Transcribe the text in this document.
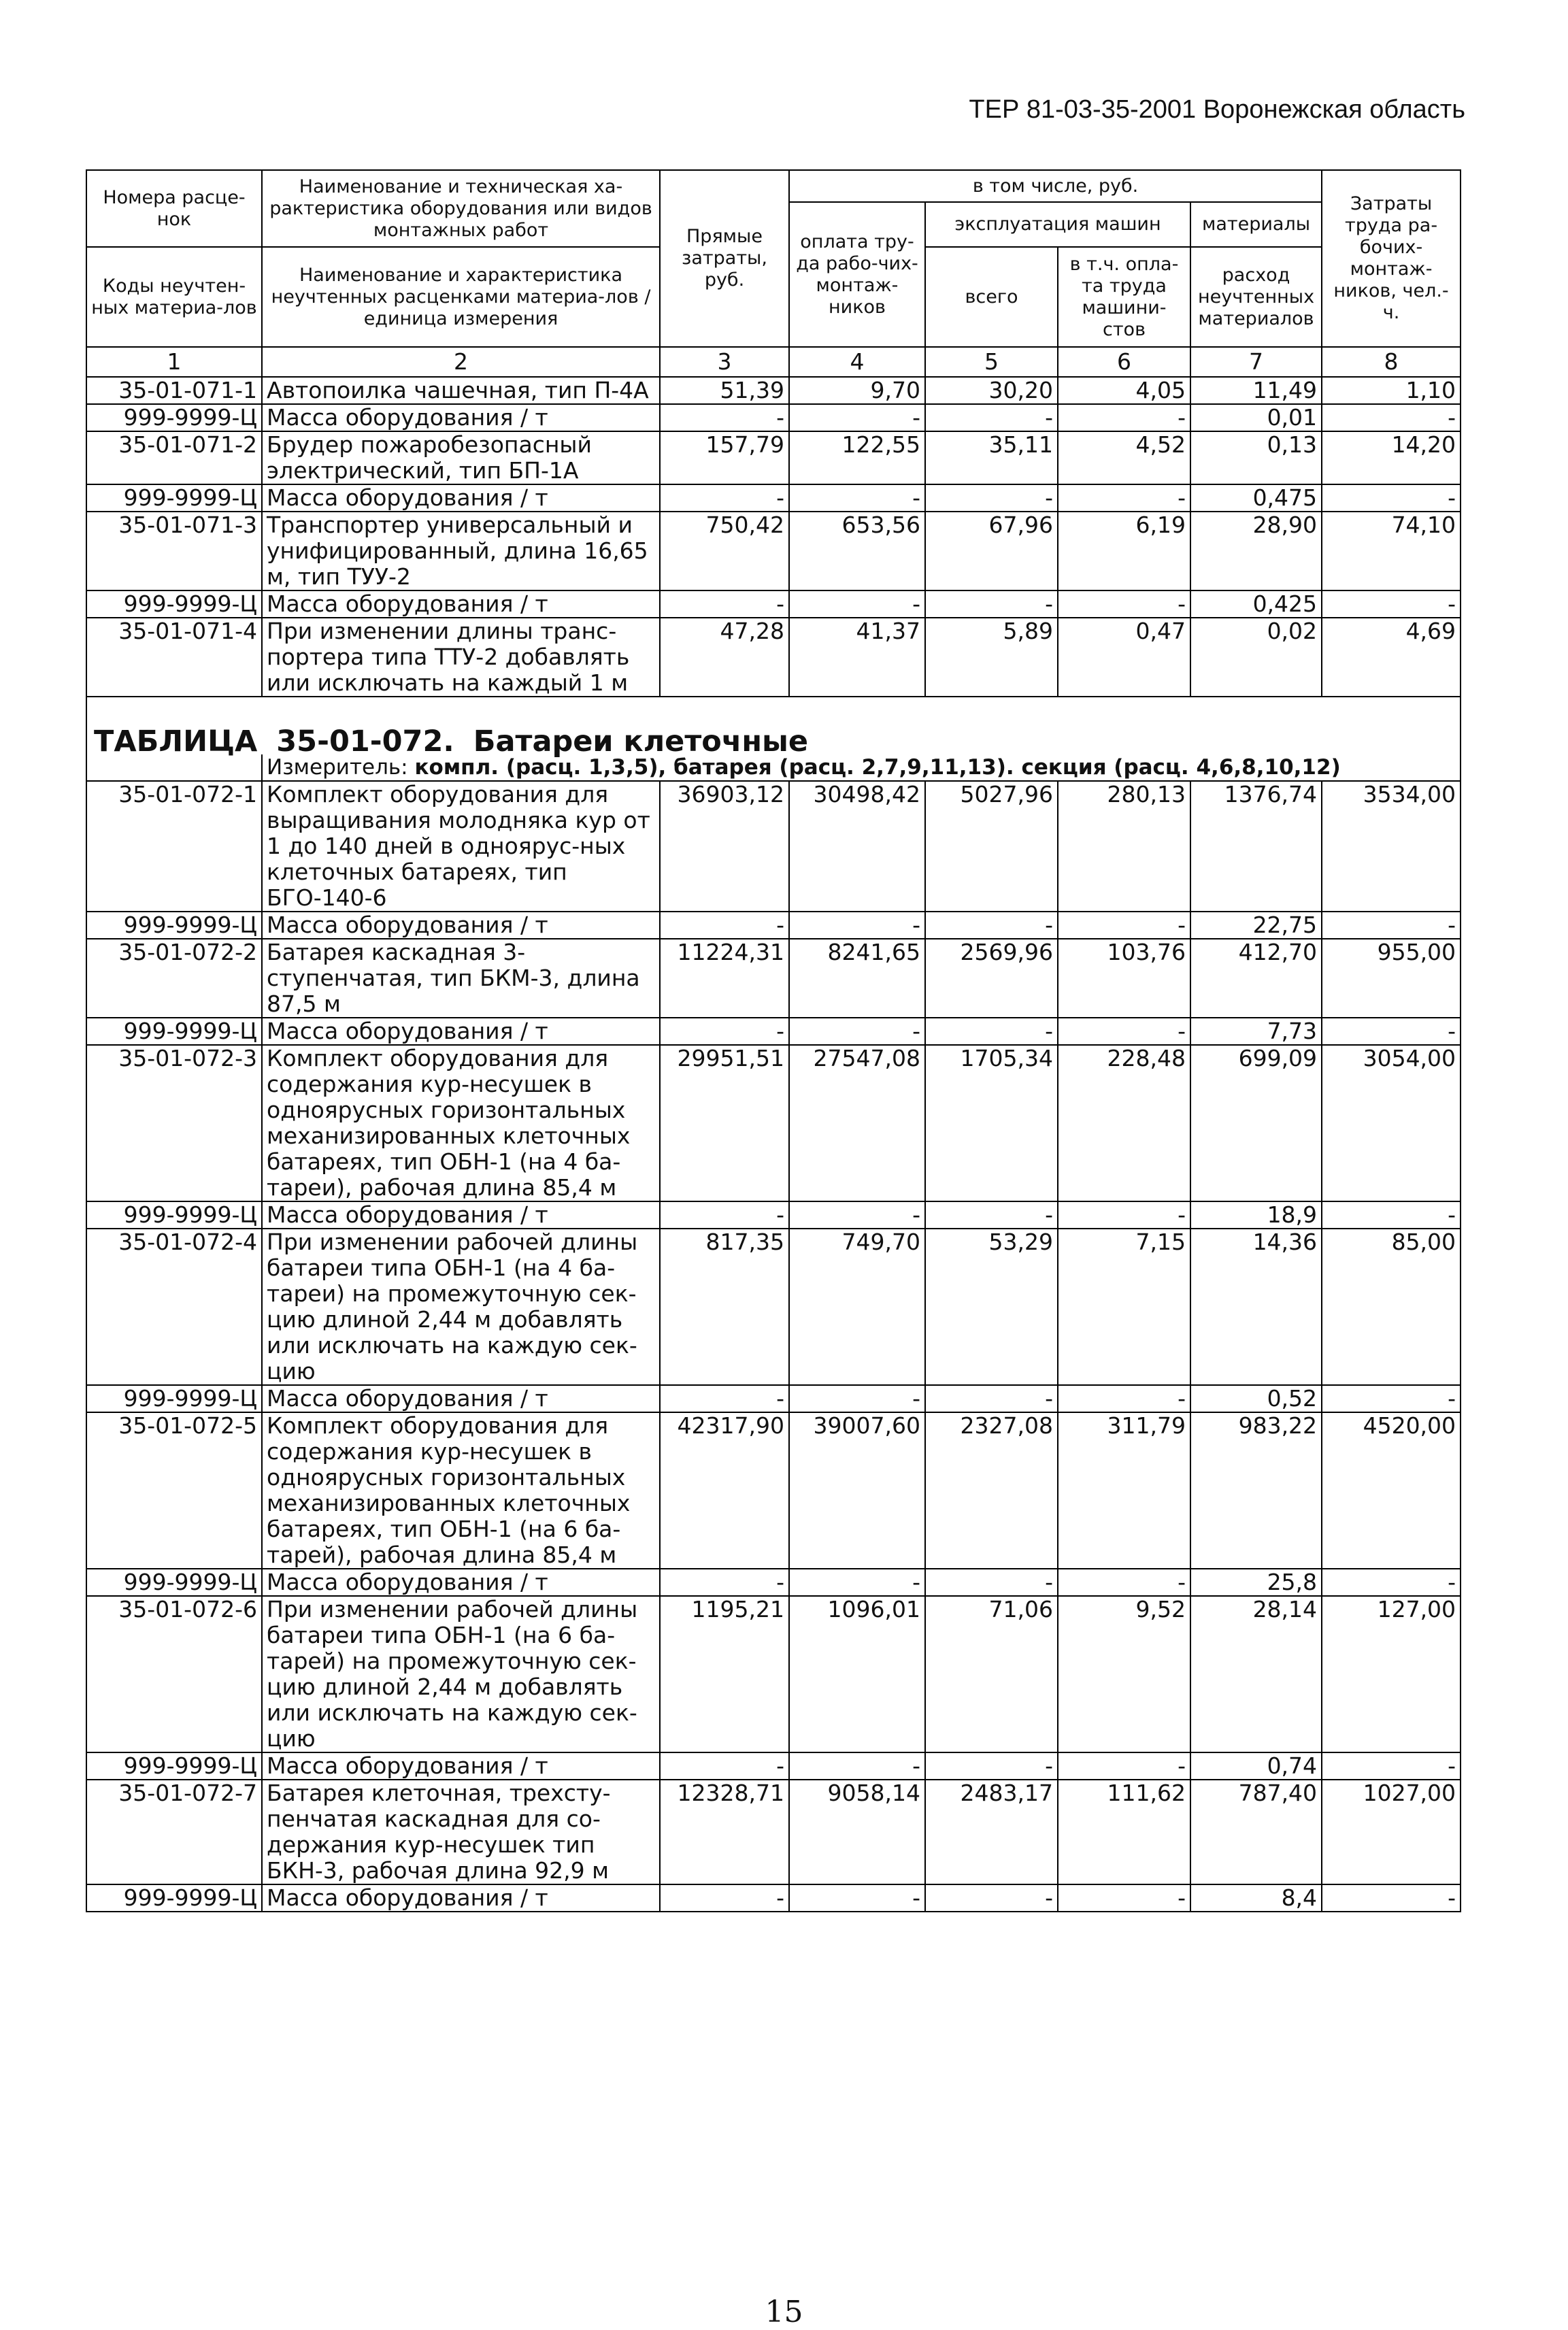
ТЕР 81-03-35-2001 Воронежская область
Номера расце-нок	Наименование и техническая ха-рактеристика оборудования или видов монтажных работ	Прямые затраты, руб.	в том числе, руб.				Затраты труда ра-бочих-монтаж-ников, чел.-ч.
			оплата тру-да рабо-чих-монтаж-ников	эксплуатация машин		материалы	
Коды неучтен-ных материа-лов	Наименование и характеристика неучтенных расценками материа-лов / единица измерения			всего	в т.ч. опла-та труда машини-стов	расход неучтенных материалов	

1	2	3	4	5	6	7	8
35-01-071-1	Автопоилка чашечная, тип П-4А	51,39	9,70	30,20	4,05	11,49	1,10
999-9999-Ц	Масса оборудования / т	-	-	-	-	0,01	-
35-01-071-2	Брудер пожаробезопасный электрический, тип БП-1А	157,79	122,55	35,11	4,52	0,13	14,20
999-9999-Ц	Масса оборудования / т	-	-	-	-	0,475	-
35-01-071-3	Транспортер универсальный и унифицированный, длина 16,65 м, тип ТУУ-2	750,42	653,56	67,96	6,19	28,90	74,10
999-9999-Ц	Масса оборудования / т	-	-	-	-	0,425	-
35-01-071-4	При изменении длины транс-портера типа ТТУ-2 добавлять или исключать на каждый 1 м	47,28	41,37	5,89	0,47	0,02	4,69

ТАБЛИЦА 35-01-072. Батареи клеточные							

	Измеритель: компл. (расц. 1,3,5), батарея (расц. 2,7,9,11,13). секция (расц. 4,6,8,10,12)						
35-01-072-1	Комплект оборудования для выращивания молодняка кур от 1 до 140 дней в одноярус-ных клеточных батареях, тип БГО-140-6	36903,12	30498,42	5027,96	280,13	1376,74	3534,00
999-9999-Ц	Масса оборудования / т	-	-	-	-	22,75	-
35-01-072-2	Батарея каскадная 3-ступенчатая, тип БКМ-3, длина 87,5 м	11224,31	8241,65	2569,96	103,76	412,70	955,00
999-9999-Ц	Масса оборудования / т	-	-	-	-	7,73	-
35-01-072-3	Комплект оборудования для содержания кур-несушек в одноярусных горизонтальных механизированных клеточных батареях, тип ОБН-1 (на 4 ба-тареи), рабочая длина 85,4 м	29951,51	27547,08	1705,34	228,48	699,09	3054,00
999-9999-Ц	Масса оборудования / т	-	-	-	-	18,9	-
35-01-072-4	При изменении рабочей длины батареи типа ОБН-1 (на 4 ба-тареи) на промежуточную сек-цию длиной 2,44 м добавлять или исключать на каждую сек-цию	817,35	749,70	53,29	7,15	14,36	85,00
999-9999-Ц	Масса оборудования / т	-	-	-	-	0,52	-
35-01-072-5	Комплект оборудования для содержания кур-несушек в одноярусных горизонтальных механизированных клеточных батареях, тип ОБН-1 (на 6 ба-тарей), рабочая длина 85,4 м	42317,90	39007,60	2327,08	311,79	983,22	4520,00
999-9999-Ц	Масса оборудования / т	-	-	-	-	25,8	-
35-01-072-6	При изменении рабочей длины батареи типа ОБН-1 (на 6 ба-тарей) на промежуточную сек-цию длиной 2,44 м добавлять или исключать на каждую сек-цию	1195,21	1096,01	71,06	9,52	28,14	127,00
999-9999-Ц	Масса оборудования / т	-	-	-	-	0,74	-
35-01-072-7	Батарея клеточная, трехсту-пенчатая каскадная для со-держания кур-несушек тип БКН-3, рабочая длина 92,9 м	12328,71	9058,14	2483,17	111,62	787,40	1027,00
999-9999-Ц	Масса оборудования / т	-	-	-	-	8,4	-
15
